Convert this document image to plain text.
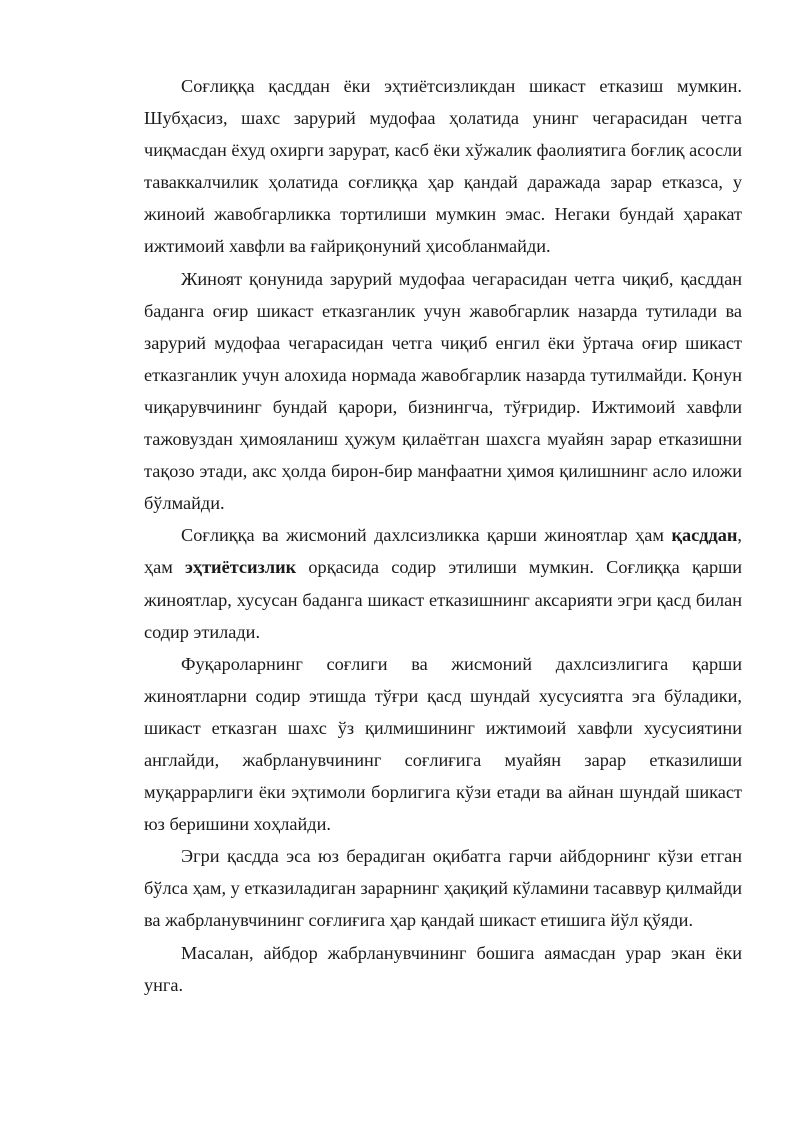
Соғлиққа қасддан ёки эҳтиётсизликдан шикаст етказиш мумкин. Шубҳасиз, шахс зарурий мудофаа ҳолатида унинг чегарасидан четга чиқмасдан ёхуд охирги зарурат, касб ёки хўжалик фаолиятига боғлиқ асосли таваккалчилик ҳолатида соғлиққа ҳар қандай даражада зарар етказса, у жиноий жавобгарликка тортилиши мумкин эмас. Негаки бундай ҳаракат ижтимоий хавфли ва ғайриқонуний ҳисобланмайди.

Жиноят қонунида зарурий мудофаа чегарасидан четга чиқиб, қасддан баданга оғир шикаст етказганлик учун жавобгарлик назарда тутилади ва зарурий мудофаа чегарасидан четга чиқиб енгил ёки ўртача оғир шикаст етказганлик учун алохида нормада жавобгарлик назарда тутилмайди. Қонун чиқарувчининг бундай қарори, бизнингча, тўғридир. Ижтимоий хавфли тажовуздан ҳимояланиш ҳужум қилаётган шахсга муайян зарар етказишни тақозо этади, акс ҳолда бирон-бир манфаатни ҳимоя қилишнинг асло иложи бўлмайди.

Соғлиққа ва жисмоний дахлсизликка қарши жиноятлар ҳам қасддан, ҳам эҳтиётсизлик орқасида содир этилиши мумкин. Соғлиққа қарши жиноятлар, хусусан баданга шикаст етказишнинг аксарияти эгри қасд билан содир этилади.

Фуқароларнинг соғлиги ва жисмоний дахлсизлигига қарши жиноятларни содир этишда тўғри қасд шундай хусусиятга эга бўладики, шикаст етказган шахс ўз қилмишининг ижтимоий хавфли хусусиятини англайди, жабрланувчининг соғлиғига муайян зарар етказилиши муқаррарлиги ёки эҳтимоли борлигига кўзи етади ва айнан шундай шикаст юз беришини хоҳлайди.

Эгри қасдда эса юз берадиган оқибатга гарчи айбдорнинг кўзи етган бўлса ҳам, у етказиладиган зарарнинг ҳақиқий кўламини тасаввур қилмайди ва жабрланувчининг соғлиғига ҳар қандай шикаст етишига йўл қўяди.

Масалан, айбдор жабрланувчининг бошига аямасдан урар экан ёки унга.
